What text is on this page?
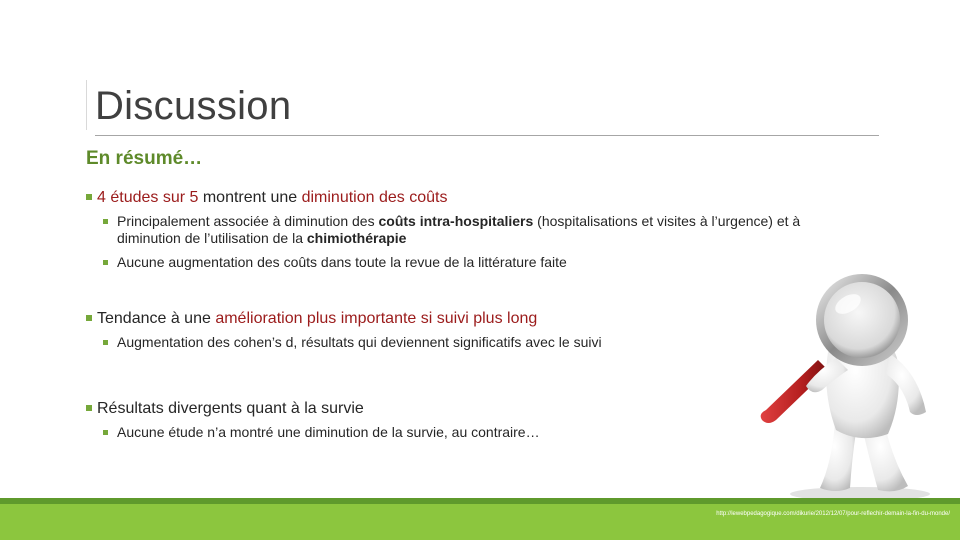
Discussion
En résumé…
4 études sur 5 montrent une diminution des coûts
Principalement associée à diminution des coûts intra-hospitaliers (hospitalisations et visites à l’urgence) et à diminution de l’utilisation de la chimiothérapie
Aucune augmentation des coûts dans toute la revue de la littérature faite
Tendance à une amélioration plus importante si suivi plus long
Augmentation des cohen’s d, résultats qui deviennent significatifs avec le suivi
Résultats divergents quant à la survie
Aucune étude n’a montré une diminution de la survie, au contraire…
http://lewebpedagogique.com/dikurie/2012/12/07/pour-reflechir-demain-la-fin-du-monde/
